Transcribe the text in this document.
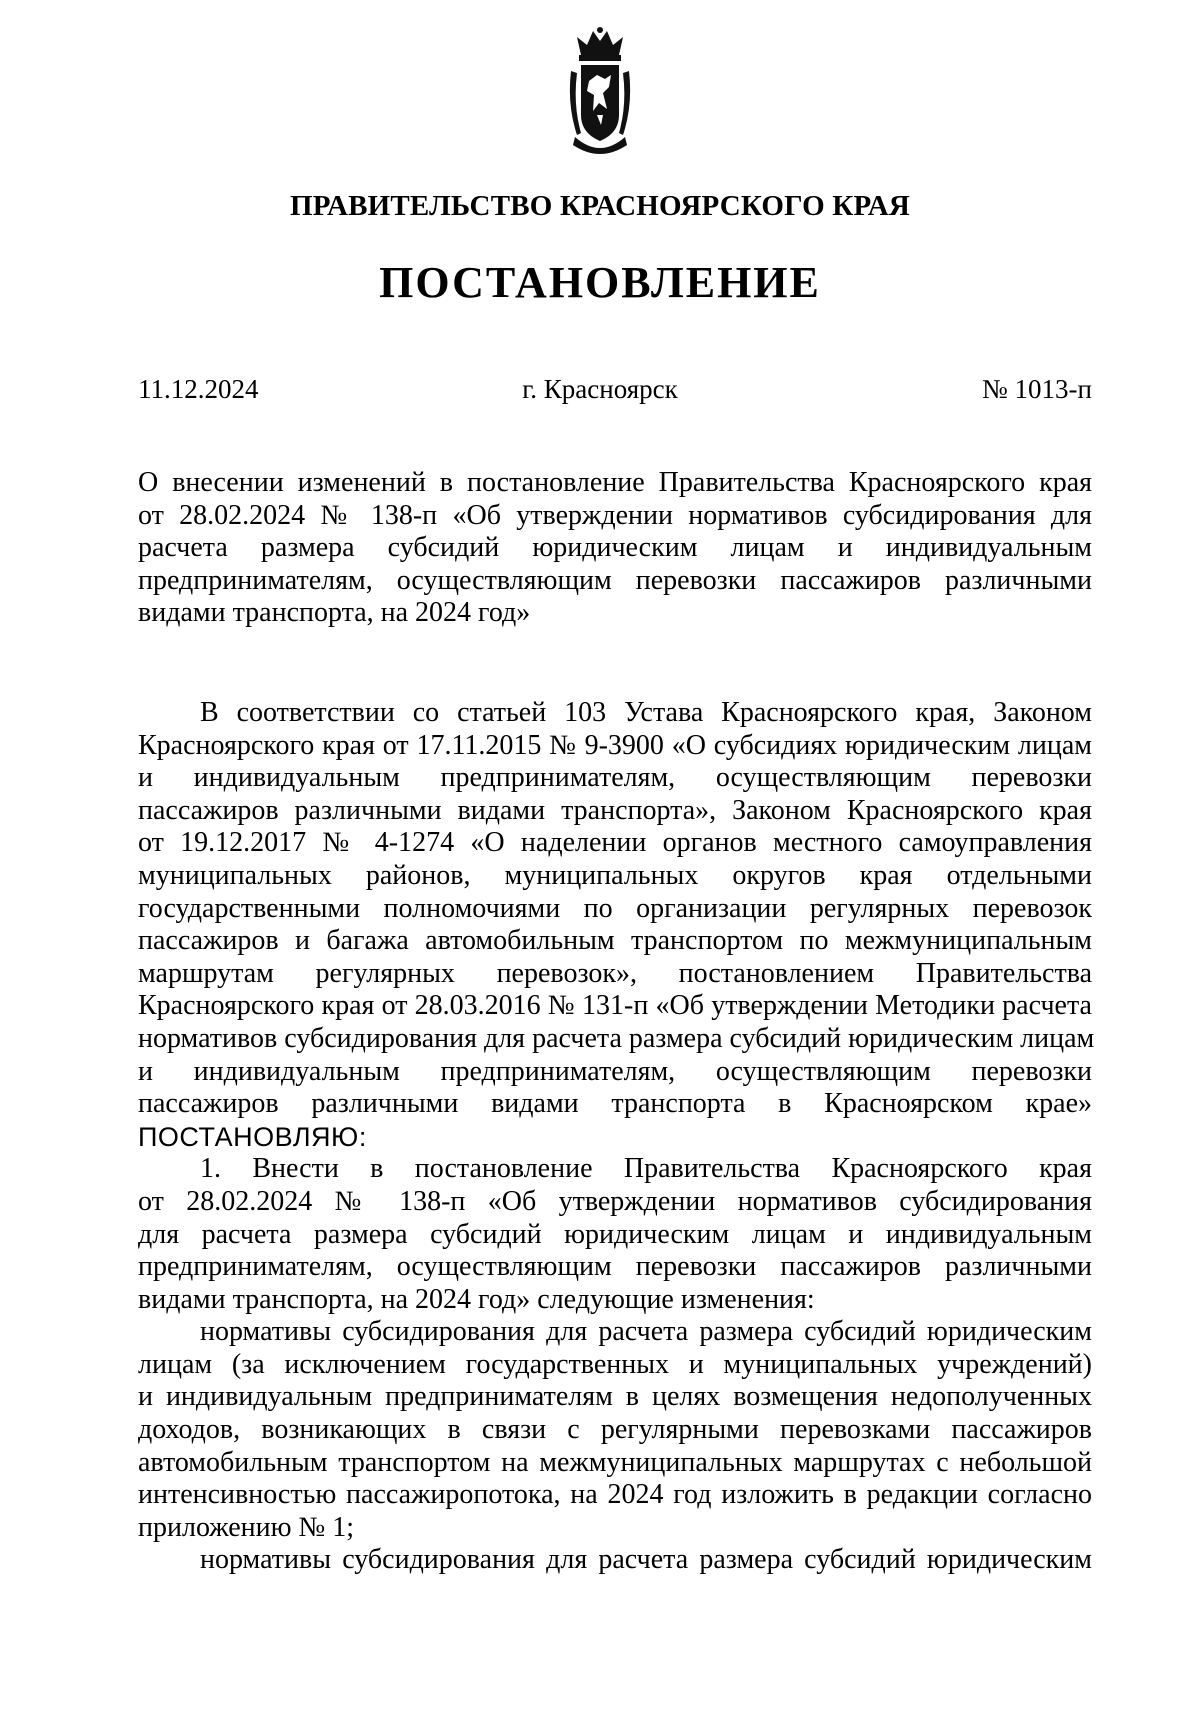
ПРАВИТЕЛЬСТВО КРАСНОЯРСКОГО КРАЯ
ПОСТАНОВЛЕНИЕ
11.12.2024	г. Красноярск	№ 1013-п
О внесении изменений в постановление Правительства Красноярского края
от 28.02.2024 № 138-п «Об утверждении нормативов субсидирования для
расчета размера субсидий юридическим лицам и индивидуальным
предпринимателям, осуществляющим перевозки пассажиров различными
видами транспорта, на 2024 год»
В соответствии со статьей 103 Устава Красноярского края, Законом
Красноярского края от 17.11.2015 № 9-3900 «О субсидиях юридическим лицам
и индивидуальным предпринимателям, осуществляющим перевозки
пассажиров различными видами транспорта», Законом Красноярского края
от 19.12.2017 № 4-1274 «О наделении органов местного самоуправления
муниципальных районов, муниципальных округов края отдельными
государственными полномочиями по организации регулярных перевозок
пассажиров и багажа автомобильным транспортом по межмуниципальным
маршрутам регулярных перевозок», постановлением Правительства
Красноярского края от 28.03.2016 № 131-п «Об утверждении Методики расчета
нормативов субсидирования для расчета размера субсидий юридическим лицам
и индивидуальным предпринимателям, осуществляющим перевозки
пассажиров различными видами транспорта в Красноярском крае»
ПОСТАНОВЛЯЮ:
1. Внести в постановление Правительства Красноярского края
от 28.02.2024 № 138-п «Об утверждении нормативов субсидирования
для расчета размера субсидий юридическим лицам и индивидуальным
предпринимателям, осуществляющим перевозки пассажиров различными
видами транспорта, на 2024 год» следующие изменения:
нормативы субсидирования для расчета размера субсидий юридическим
лицам (за исключением государственных и муниципальных учреждений)
и индивидуальным предпринимателям в целях возмещения недополученных
доходов, возникающих в связи с регулярными перевозками пассажиров
автомобильным транспортом на межмуниципальных маршрутах с небольшой
интенсивностью пассажиропотока, на 2024 год изложить в редакции согласно
приложению № 1;
нормативы субсидирования для расчета размера субсидий юридическим
